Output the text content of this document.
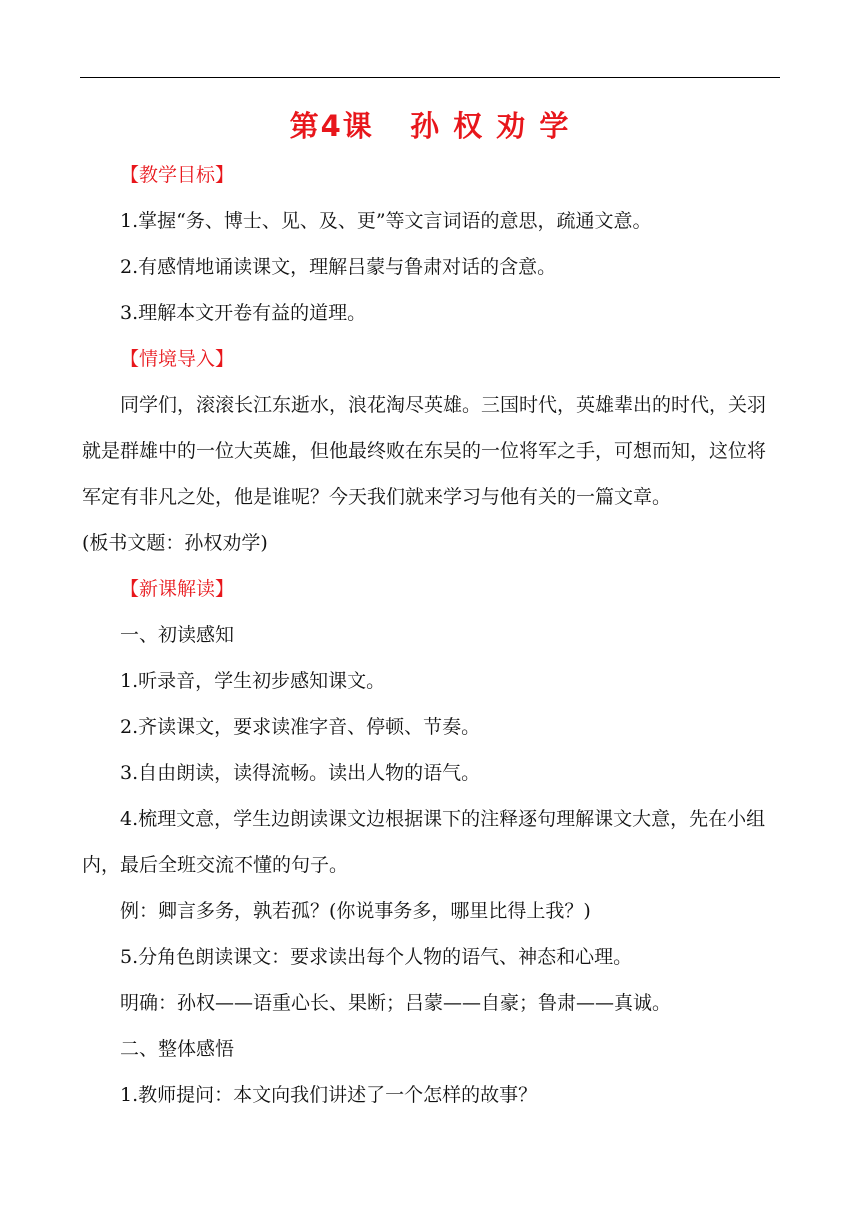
第4课   孙 权 劝 学

【教学目标】

1.掌握“务、博士、见、及、更”等文言词语的意思，疏通文意。

2.有感情地诵读课文，理解吕蒙与鲁肃对话的含意。

3.理解本文开卷有益的道理。

【情境导入】

同学们，滚滚长江东逝水，浪花淘尽英雄。三国时代，英雄辈出的时代，关羽就是群雄中的一位大英雄，但他最终败在东吴的一位将军之手，可想而知，这位将军定有非凡之处，他是谁呢？今天我们就来学习与他有关的一篇文章。

(板书文题：孙权劝学)

【新课解读】

一、初读感知

1.听录音，学生初步感知课文。

2.齐读课文，要求读准字音、停顿、节奏。

3.自由朗读，读得流畅。读出人物的语气。

4.梳理文意，学生边朗读课文边根据课下的注释逐句理解课文大意，先在小组内，最后全班交流不懂的句子。

例：卿言多务，孰若孤？(你说事务多，哪里比得上我？)

5.分角色朗读课文：要求读出每个人物的语气、神态和心理。

明确：孙权——语重心长、果断；吕蒙——自豪；鲁肃——真诚。

二、整体感悟

1.教师提问：本文向我们讲述了一个怎样的故事？
